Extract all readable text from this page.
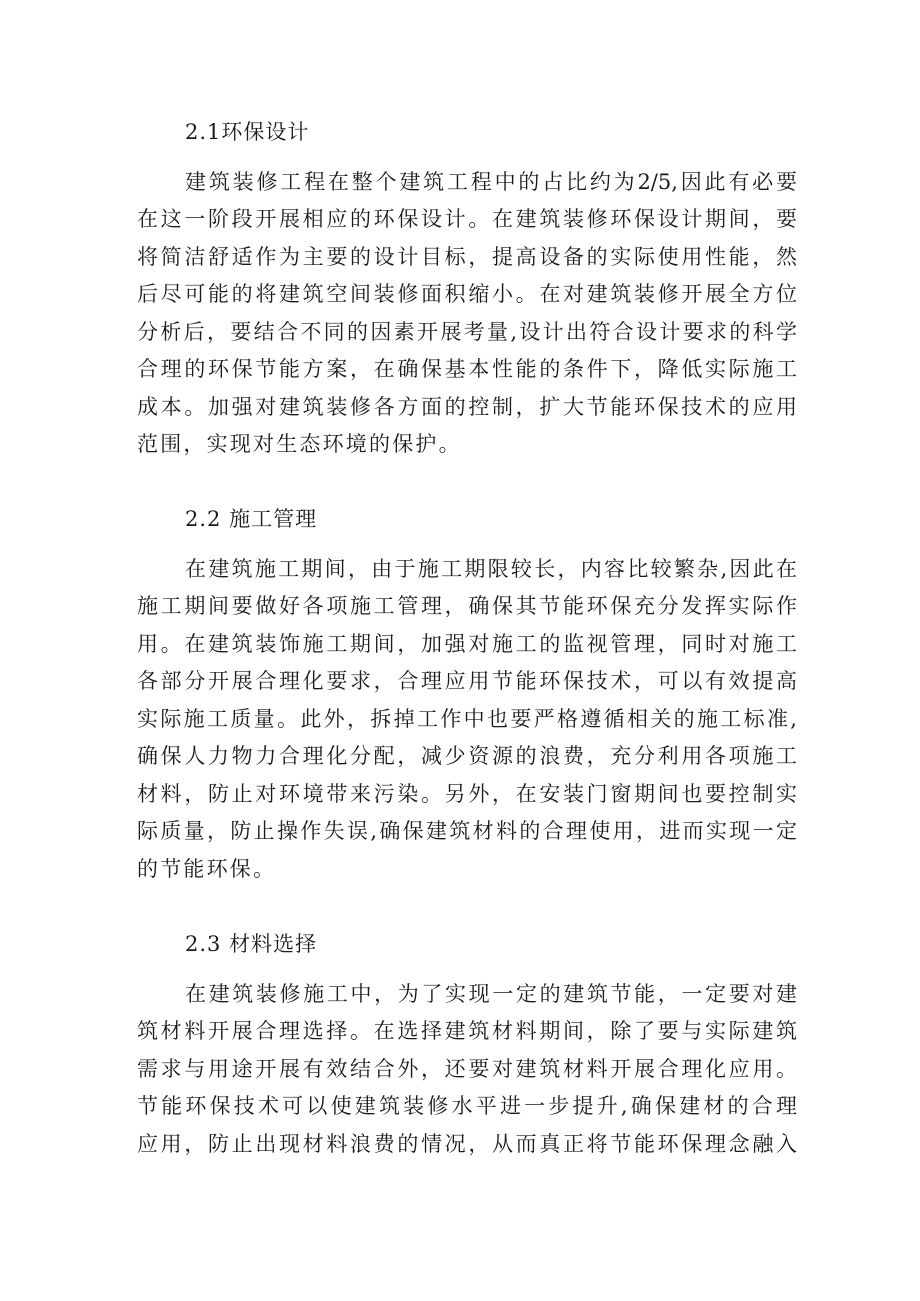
2.1环保设计
建筑装修工程在整个建筑工程中的占比约为2/5,因此有必要
在这一阶段开展相应的环保设计。在建筑装修环保设计期间，要
将简洁舒适作为主要的设计目标，提高设备的实际使用性能，然
后尽可能的将建筑空间装修面积缩小。在对建筑装修开展全方位
分析后，要结合不同的因素开展考量,设计出符合设计要求的科学
合理的环保节能方案，在确保基本性能的条件下，降低实际施工
成本。加强对建筑装修各方面的控制，扩大节能环保技术的应用
范围，实现对生态环境的保护。
2.2 施工管理
在建筑施工期间，由于施工期限较长，内容比较繁杂,因此在
施工期间要做好各项施工管理，确保其节能环保充分发挥实际作
用。在建筑装饰施工期间，加强对施工的监视管理，同时对施工
各部分开展合理化要求，合理应用节能环保技术，可以有效提高
实际施工质量。此外，拆掉工作中也要严格遵循相关的施工标准,
确保人力物力合理化分配，减少资源的浪费，充分利用各项施工
材料，防止对环境带来污染。另外，在安装门窗期间也要控制实
际质量，防止操作失误,确保建筑材料的合理使用，进而实现一定
的节能环保。
2.3 材料选择
在建筑装修施工中，为了实现一定的建筑节能，一定要对建
筑材料开展合理选择。在选择建筑材料期间，除了要与实际建筑
需求与用途开展有效结合外，还要对建筑材料开展合理化应用。
节能环保技术可以使建筑装修水平进一步提升,确保建材的合理
应用，防止出现材料浪费的情况，从而真正将节能环保理念融入
